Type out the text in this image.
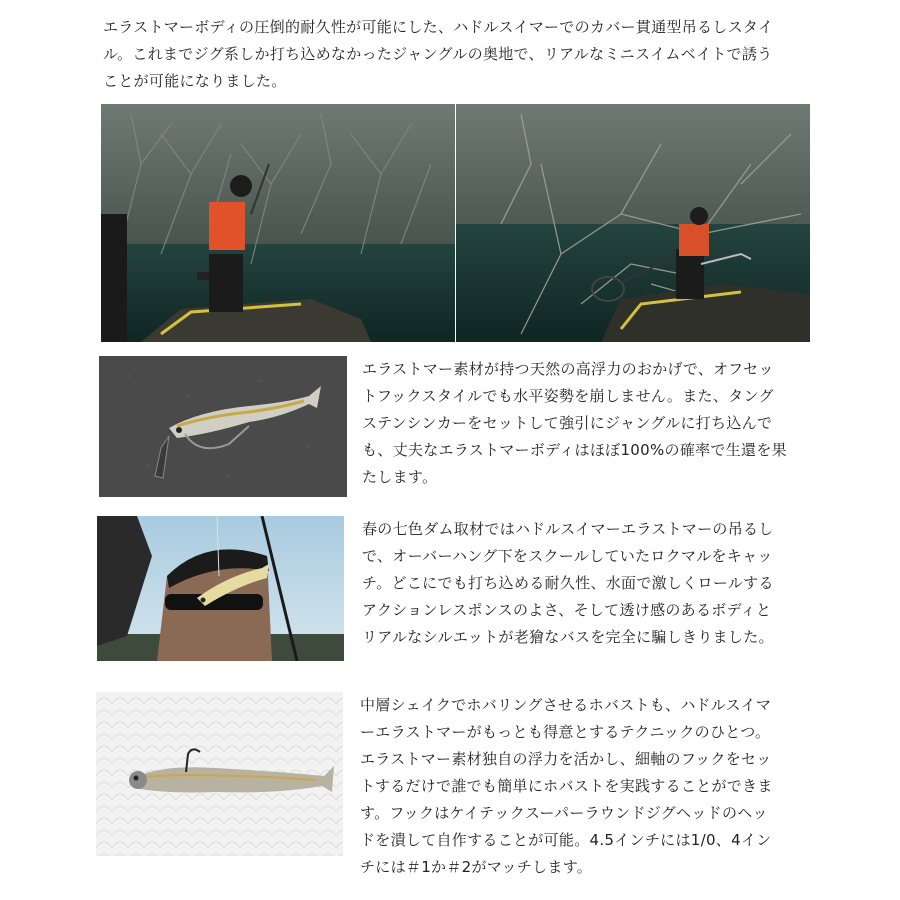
エラストマーボディの圧倒的耐久性が可能にした、ハドルスイマーでのカバー貫通型吊るしスタイ
ル。これまでジグ系しか打ち込めなかったジャングルの奥地で、リアルなミニスイムベイトで誘う
ことが可能になりました。
エラストマー素材が持つ天然の高浮力のおかげで、オフセッ
トフックスタイルでも水平姿勢を崩しません。また、タング
ステンシンカーをセットして強引にジャングルに打ち込んで
も、丈夫なエラストマーボディはほぼ100%の確率で生還を果
たします。
春の七色ダム取材ではハドルスイマーエラストマーの吊るし
で、オーバーハング下をスクールしていたロクマルをキャッ
チ。どこにでも打ち込める耐久性、水面で激しくロールする
アクションレスポンスのよさ、そして透け感のあるボディと
リアルなシルエットが老獪なバスを完全に騙しきりました。
中層シェイクでホバリングさせるホバストも、ハドルスイマ
ーエラストマーがもっとも得意とするテクニックのひとつ。
エラストマー素材独自の浮力を活かし、細軸のフックをセッ
トするだけで誰でも簡単にホバストを実践することができま
す。フックはケイテックスーパーラウンドジグヘッドのヘッ
ドを潰して自作することが可能。4.5インチには1/0、4イン
チには＃1か＃2がマッチします。
